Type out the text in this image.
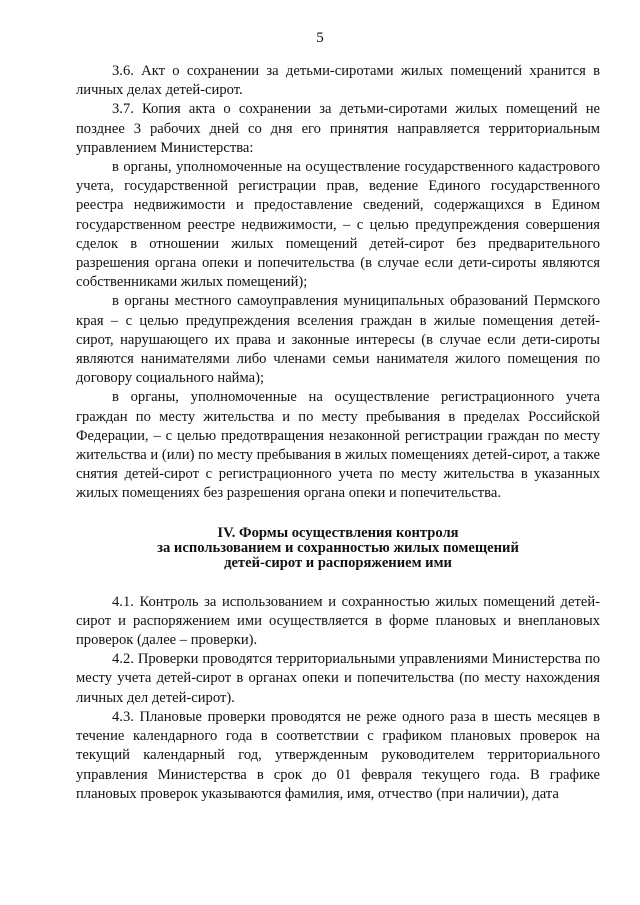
5

3.6. Акт о сохранении за детьми-сиротами жилых помещений хранится в личных делах детей-сирот.

3.7. Копия акта о сохранении за детьми-сиротами жилых помещений не позднее 3 рабочих дней со дня его принятия направляется территориальным управлением Министерства:

в органы, уполномоченные на осуществление государственного кадастрового учета, государственной регистрации прав, ведение Единого государственного реестра недвижимости и предоставление сведений, содержащихся в Едином государственном реестре недвижимости, – с целью предупреждения совершения сделок в отношении жилых помещений детей-сирот без предварительного разрешения органа опеки и попечительства (в случае если дети-сироты являются собственниками жилых помещений);

в органы местного самоуправления муниципальных образований Пермского края – с целью предупреждения вселения граждан в жилые помещения детей-сирот, нарушающего их права и законные интересы (в случае если дети-сироты являются нанимателями либо членами семьи нанимателя жилого помещения по договору социального найма);

в органы, уполномоченные на осуществление регистрационного учета граждан по месту жительства и по месту пребывания в пределах Российской Федерации, – с целью предотвращения незаконной регистрации граждан по месту жительства и (или) по месту пребывания в жилых помещениях детей-сирот, а также снятия детей-сирот с регистрационного учета по месту жительства в указанных жилых помещениях без разрешения органа опеки и попечительства.

IV. Формы осуществления контроля
за использованием и сохранностью жилых помещений
детей-сирот и распоряжением ими

4.1. Контроль за использованием и сохранностью жилых помещений детей-сирот и распоряжением ими осуществляется в форме плановых и внеплановых проверок (далее – проверки).

4.2. Проверки проводятся территориальными управлениями Министерства по месту учета детей-сирот в органах опеки и попечительства (по месту нахождения личных дел детей-сирот).

4.3. Плановые проверки проводятся не реже одного раза в шесть месяцев в течение календарного года в соответствии с графиком плановых проверок на текущий календарный год, утвержденным руководителем территориального управления Министерства в срок до 01 февраля текущего года. В графике плановых проверок указываются фамилия, имя, отчество (при наличии), дата
